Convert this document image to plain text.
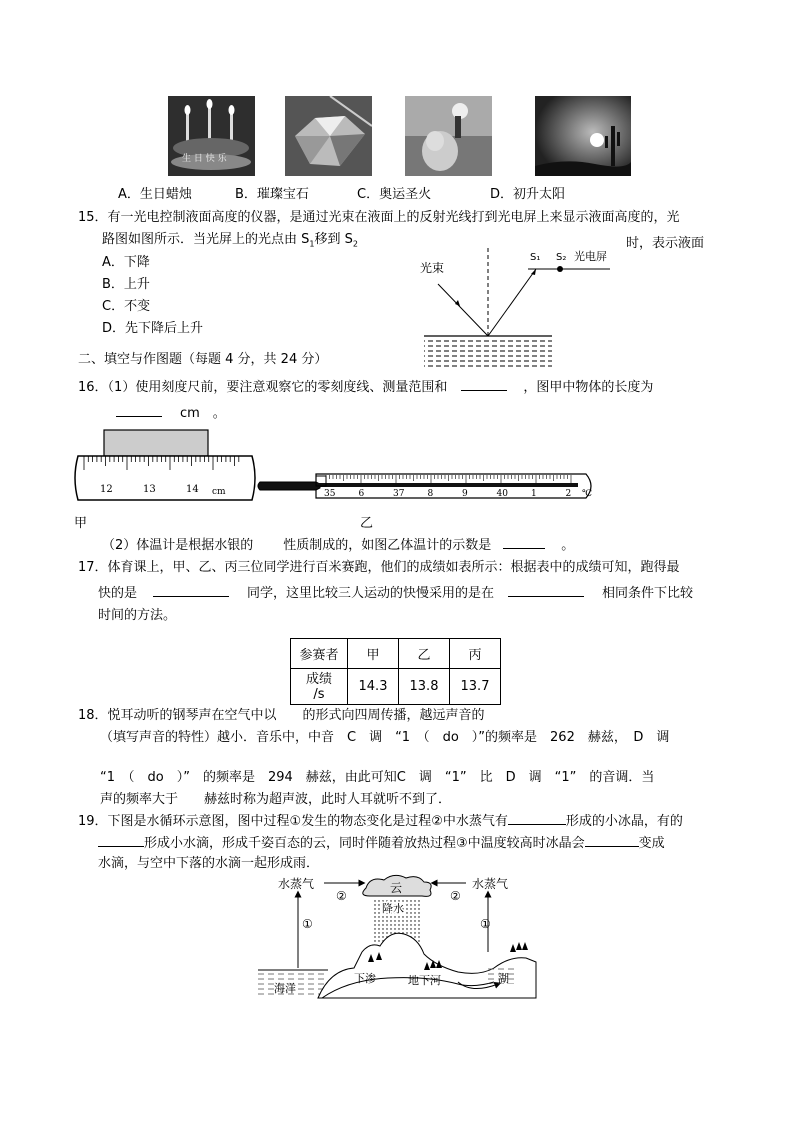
生 日 快 乐
A．生日蜡烛	B．璀璨宝石	C．奥运圣火	D．初升太阳
15．有一光电控制液面高度的仪器，是通过光束在液面上的反射光线打到光电屏上来显示液面高度的，光
路图如图所示．当光屏上的光点由 $S_1$移到 $S_2$	时，表示液面
A．下降
B．上升
C．不变
D．先下降后上升
光束
S₁ S₂ 光电屏
二、填空与作图题（每题 4 分，共 24 分）
16．（1）使用刻度尺前，要注意观察它的零刻度线、测量范围和	，图甲中物体的长度为
cm　。
12	13	14 cm	35	6	37	8	9	40	1	2 ℃
甲	乙
（2）体温计是根据水银的 性质制成的，如图乙体温计的示数是	。
17．体育课上，甲、乙、丙三位同学进行百米赛跑，他们的成绩如表所示：根据表中的成绩可知，跑得最
快的是	同学，这里比较三人运动的快慢采用的是在	相同条件下比较
时间的方法。
参赛者	甲	乙	丙
成绩
/s	14.3	13.8	13.7
18．悦耳动听的钢琴声在空气中以 的形式向四周传播，越远声音的
（填写声音的特性）越小．音乐中，中音　C　调　“1　（　do　）”的频率是　262　赫兹，　D　调
“1　（　do　）”　的频率是　294　赫兹，由此可知C　调　“1”　比　D　调　“1”　的音调．当
声的频率大于 赫兹时称为超声波，此时人耳就听不到了．
19．下图是水循环示意图，图中过程①发生的物态变化是过程②中水蒸气有	形成的小冰晶，有的
形成小水滴，形成千姿百态的云，同时伴随着放热过程③中温度较高时冰晶会	变成
水滴，与空中下落的水滴一起形成雨．
云
降水
水蒸气	水蒸气
①	①
②	②
海洋
下渗	地下河	湖
